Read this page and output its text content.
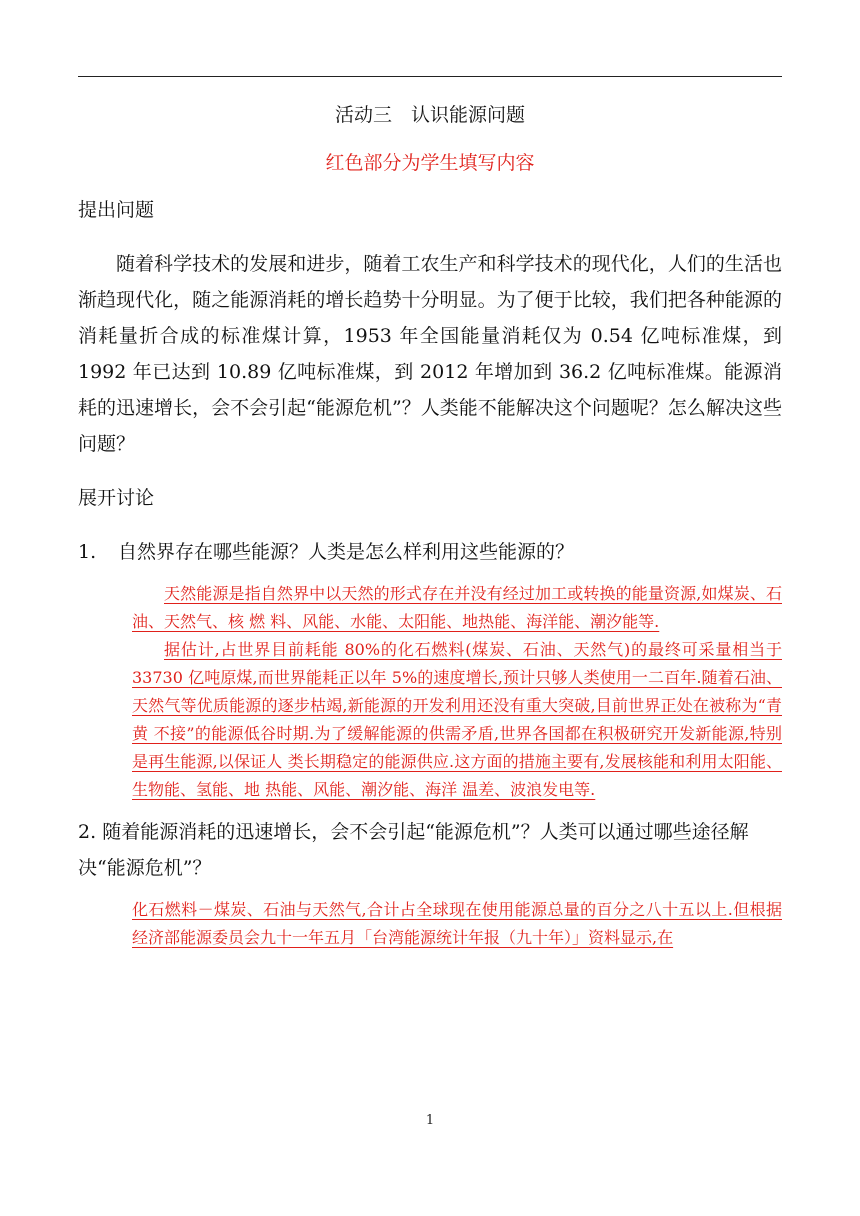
活动三　认识能源问题
红色部分为学生填写内容
提出问题
随着科学技术的发展和进步，随着工农生产和科学技术的现代化，人们的生活也渐趋现代化，随之能源消耗的增长趋势十分明显。为了便于比较，我们把各种能源的消耗量折合成的标准煤计算，1953 年全国能量消耗仅为 0.54 亿吨标准煤，到 1992 年已达到 10.89 亿吨标准煤，到 2012 年增加到 36.2 亿吨标准煤。能源消耗的迅速增长，会不会引起“能源危机”？人类能不能解决这个问题呢？怎么解决这些问题？
展开讨论
1. 自然界存在哪些能源？人类是怎么样利用这些能源的？

天然能源是指自然界中以天然的形式存在并没有经过加工或转换的能量资源,如煤炭、石油、天然气、核 燃 料、风能、水能、太阳能、地热能、海洋能、潮汐能等.

据估计,占世界目前耗能 80%的化石燃料(煤炭、石油、天然气)的最终可采量相当于 33730 亿吨原煤,而世界能耗正以年 5%的速度增长,预计只够人类使用一二百年.随着石油、天然气等优质能源的逐步枯竭,新能源的开发利用还没有重大突破,目前世界正处在被称为“青黄 不接”的能源低谷时期.为了缓解能源的供需矛盾,世界各国都在积极研究开发新能源,特别是再生能源,以保证人 类长期稳定的能源供应.这方面的措施主要有,发展核能和利用太阳能、生物能、氢能、地 热能、风能、潮汐能、海洋 温差、波浪发电等.

2. 随着能源消耗的迅速增长，会不会引起“能源危机”？人类可以通过哪些途径解决“能源危机”？

化石燃料－煤炭、石油与天然气,合计占全球现在使用能源总量的百分之八十五以上.但根据经济部能源委员会九十一年五月「台湾能源统计年报（九十年）」资料显示,在

1
